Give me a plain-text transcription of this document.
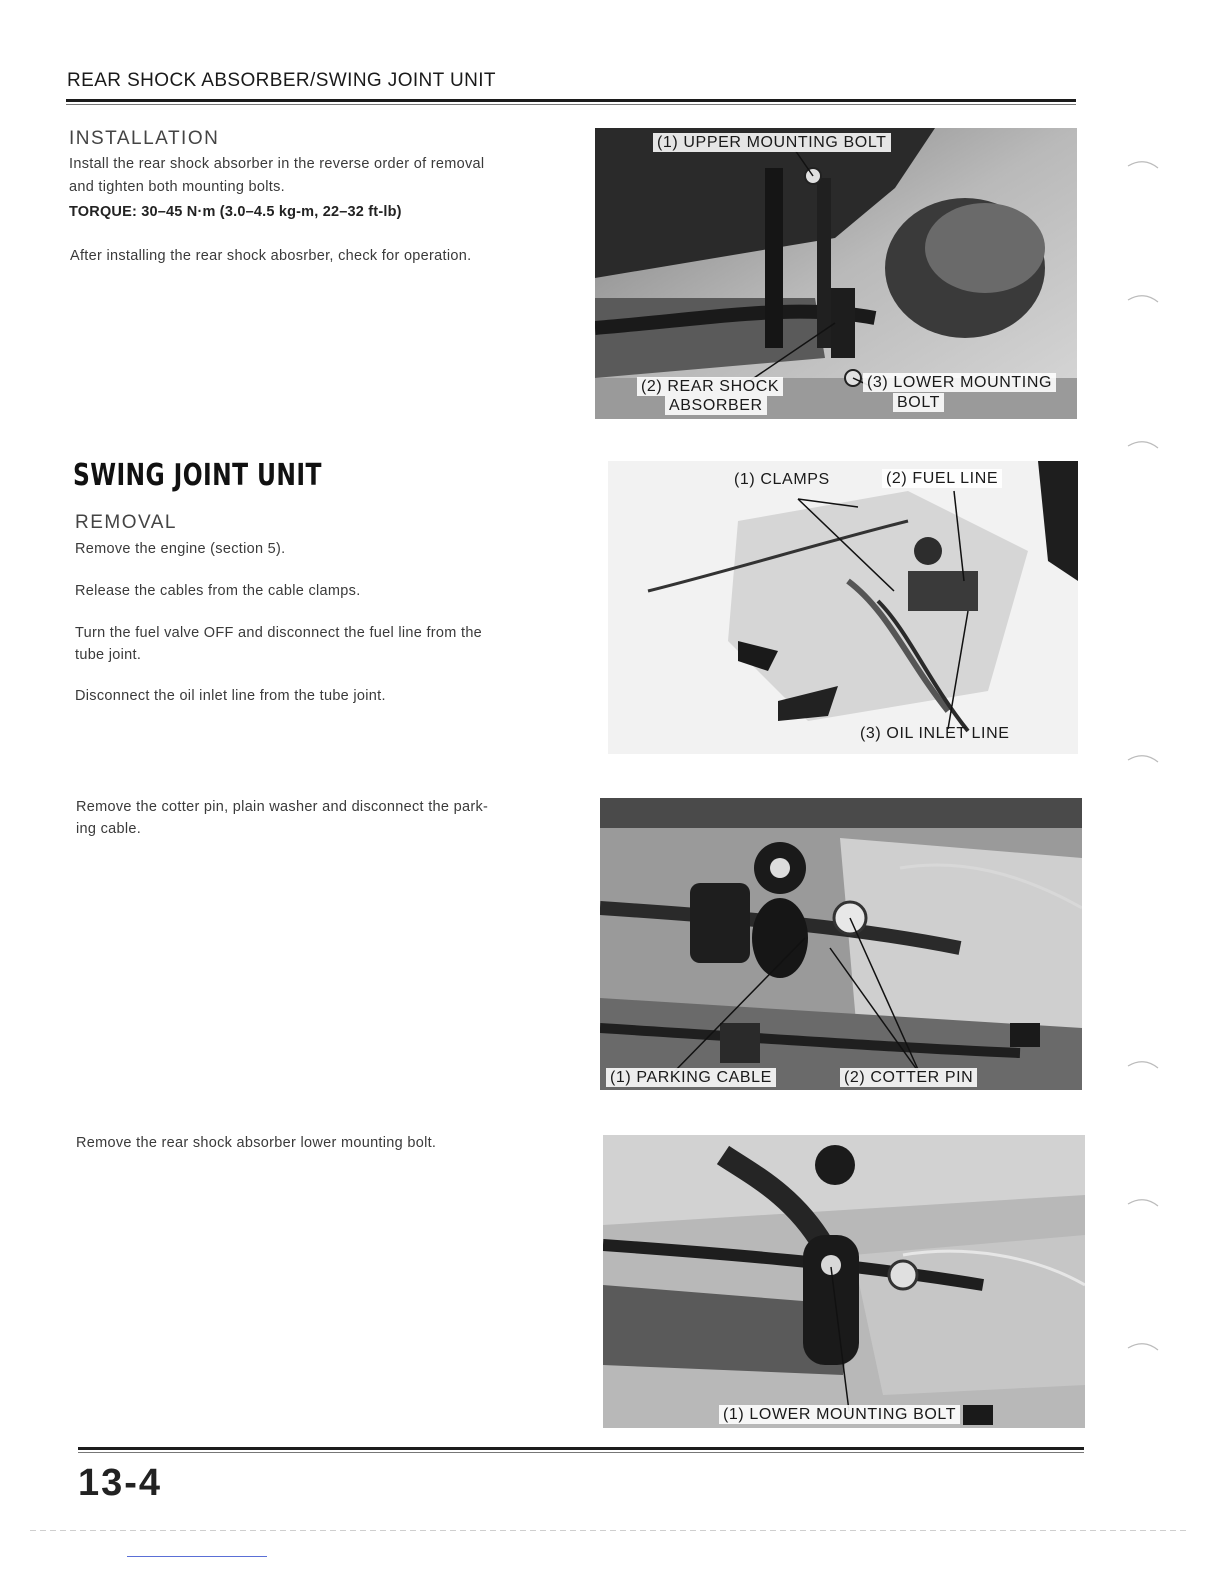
REAR SHOCK ABSORBER/SWING JOINT UNIT
INSTALLATION
Install the rear shock absorber in the reverse order of removal
and tighten both mounting bolts.
TORQUE: 30–45 N·m (3.0–4.5 kg-m, 22–32 ft-lb)
After installing the rear shock abosrber, check for operation.
SWING JOINT UNIT
REMOVAL
Remove the engine (section 5).
Release the cables from the cable clamps.
Turn the fuel valve OFF and disconnect the fuel line from the
tube joint.
Disconnect the oil inlet line from the tube joint.
Remove the cotter pin, plain washer and disconnect the park-
ing cable.
Remove the rear shock absorber lower mounting bolt.
(1) UPPER MOUNTING BOLT
(2) REAR SHOCK
ABSORBER
(3) LOWER MOUNTING
BOLT
(1) CLAMPS	(2) FUEL LINE
(3) OIL INLET LINE
(1) PARKING CABLE	(2) COTTER PIN
(1) LOWER MOUNTING BOLT
13-4
